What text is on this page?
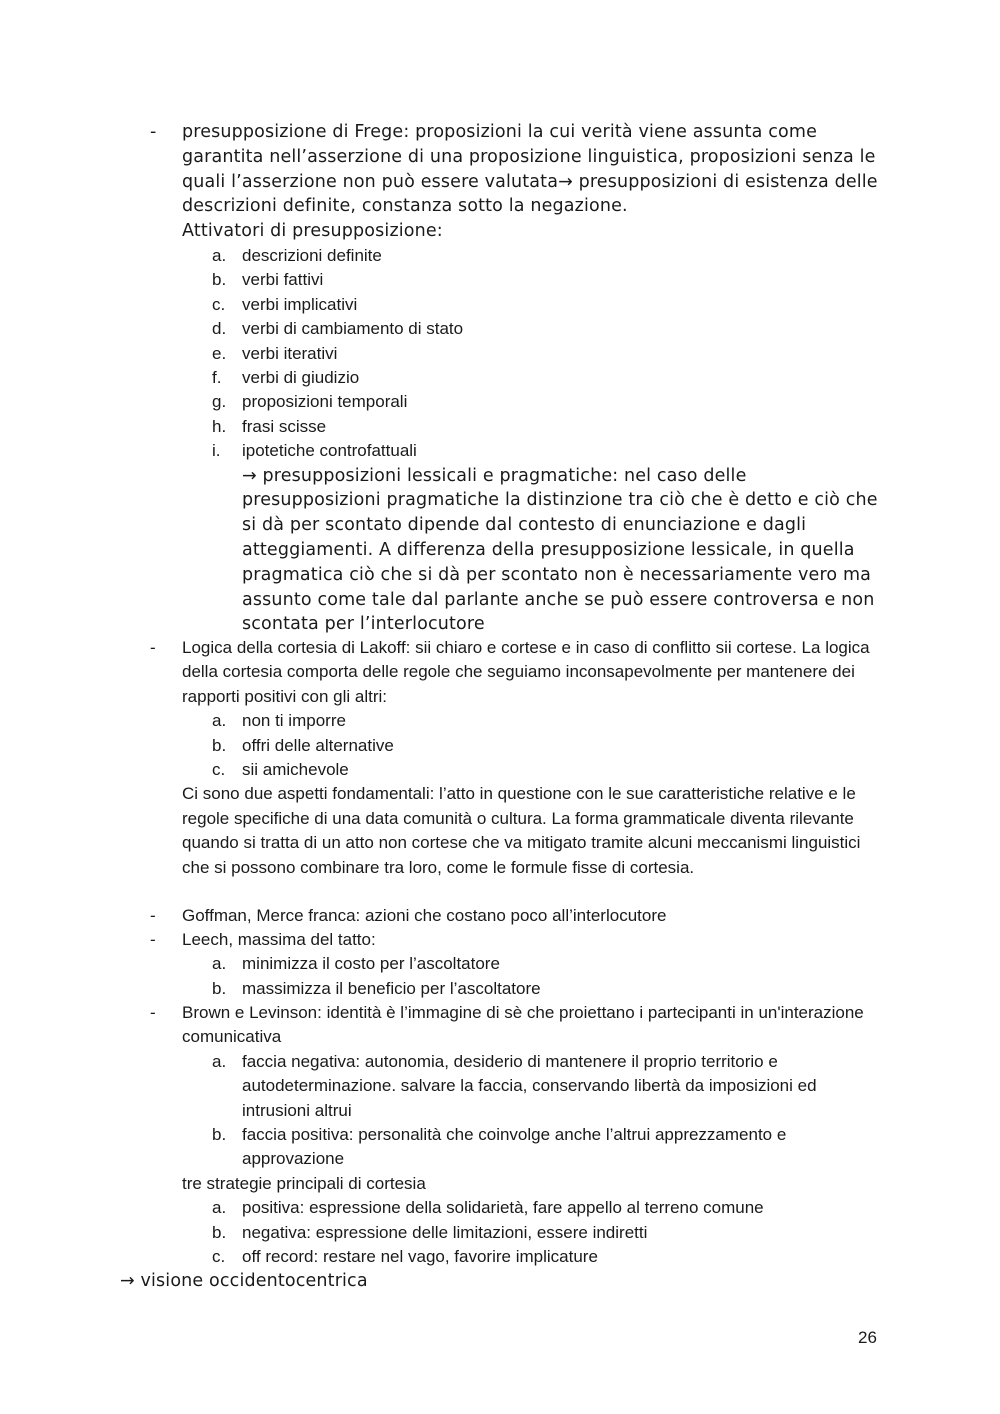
- presupposizione di Frege: proposizioni la cui verità viene assunta come garantita nell’asserzione di una proposizione linguistica, proposizioni senza le quali l’asserzione non può essere valutata→ presupposizioni di esistenza delle descrizioni definite, constanza sotto la negazione.
Attivatori di presupposizione:
a. descrizioni definite
b. verbi fattivi
c. verbi implicativi
d. verbi di cambiamento di stato
e. verbi iterativi
f. verbi di giudizio
g. proposizioni temporali
h. frasi scisse
i. ipotetiche controfattuali
→ presupposizioni lessicali e pragmatiche: nel caso delle presupposizioni pragmatiche la distinzione tra ciò che è detto e ciò che si dà per scontato dipende dal contesto di enunciazione e dagli atteggiamenti. A differenza della presupposizione lessicale, in quella pragmatica ciò che si dà per scontato non è necessariamente vero ma assunto come tale dal parlante anche se può essere controversa e non scontata per l’interlocutore
- Logica della cortesia di Lakoff: sii chiaro e cortese e in caso di conflitto sii cortese. La logica della cortesia comporta delle regole che seguiamo inconsapevolmente per mantenere dei rapporti positivi con gli altri:
a. non ti imporre
b. offri delle alternative
c. sii amichevole
Ci sono due aspetti fondamentali: l’atto in questione con le sue caratteristiche relative e le regole specifiche di una data comunità o cultura. La forma grammaticale diventa rilevante quando si tratta di un atto non cortese che va mitigato tramite alcuni meccanismi linguistici che si possono combinare tra loro, come le formule fisse di cortesia.
- Goffman, Merce franca: azioni che costano poco all’interlocutore
- Leech, massima del tatto:
a. minimizza il costo per l’ascoltatore
b. massimizza il beneficio per l’ascoltatore
- Brown e Levinson: identità è l’immagine di sè che proiettano i partecipanti in un'interazione comunicativa
a. faccia negativa: autonomia, desiderio di mantenere il proprio territorio e autodeterminazione. salvare la faccia, conservando libertà da imposizioni ed intrusioni altrui
b. faccia positiva: personalità che coinvolge anche l’altrui apprezzamento e approvazione
tre strategie principali di cortesia
a. positiva: espressione della solidarietà, fare appello al terreno comune
b. negativa: espressione delle limitazioni, essere indiretti
c. off record: restare nel vago, favorire implicature
→ visione occidentocentrica
26
